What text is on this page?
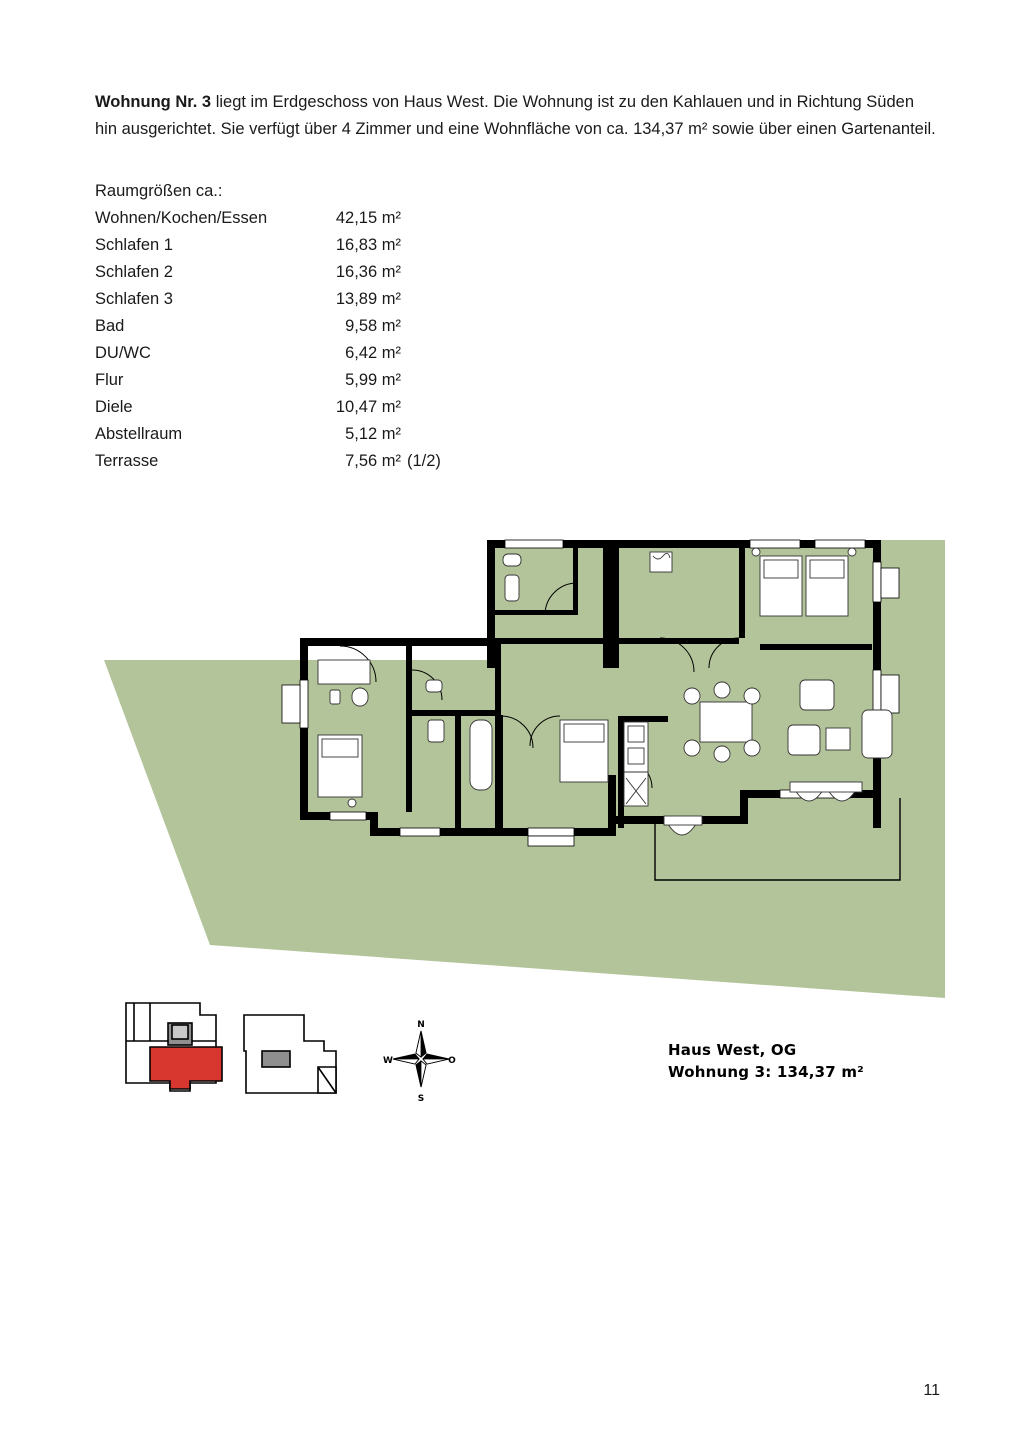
Wohnung Nr. 3 liegt im Erdgeschoss von Haus West. Die Wohnung ist zu den Kahlauen und in Richtung Süden hin ausgerichtet. Sie verfügt über 4 Zimmer und eine Wohnfläche von ca. 134,37 m² sowie über einen Gartenanteil.

Raumgrößen ca.:
Wohnen/Kochen/Essen	42,15 m²	
Schlafen 1	16,83 m²	
Schlafen 2	16,36 m²	
Schlafen 3	13,89 m²	
Bad	9,58 m²	
DU/WC	6,42 m²	
Flur	5,99 m²	
Diele	10,47 m²	
Abstellraum	5,12 m²	
Terrasse	7,56 m²	(1/2)
N
O
S
W
Haus West, OG
Wohnung 3: 134,37 m²
11
